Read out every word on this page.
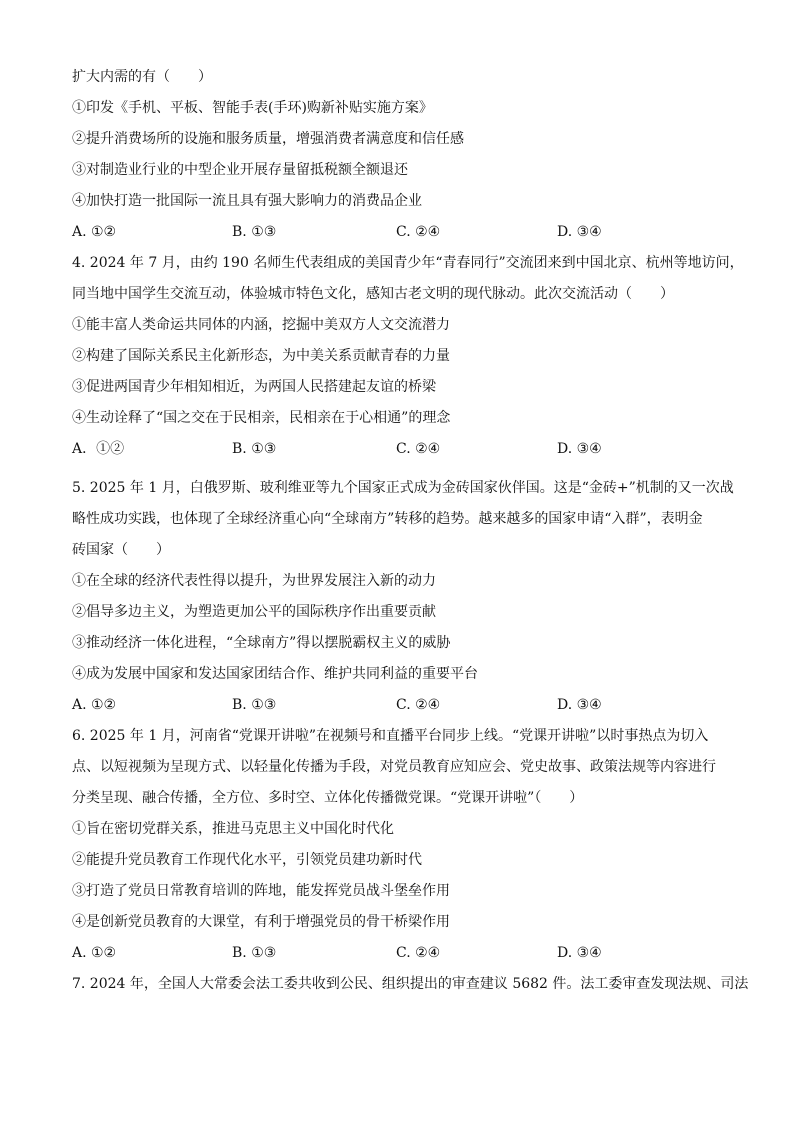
扩大内需的有（　　）

①印发《手机、平板、智能手表(手环)购新补贴实施方案》

②提升消费场所的设施和服务质量，增强消费者满意度和信任感

③对制造业行业的中型企业开展存量留抵税额全额退还

④加快打造一批国际一流且具有强大影响力的消费品企业

A. ①②	B. ①③	C. ②④	D. ③④

4. 2024 年 7 月，由约 190 名师生代表组成的美国青少年“青春同行”交流团来到中国北京、杭州等地访问，

同当地中国学生交流互动，体验城市特色文化，感知古老文明的现代脉动。此次交流活动（　　）

①能丰富人类命运共同体的内涵，挖掘中美双方人文交流潜力

②构建了国际关系民主化新形态，为中美关系贡献青春的力量

③促进两国青少年相知相近，为两国人民搭建起友谊的桥梁

④生动诠释了“国之交在于民相亲，民相亲在于心相通”的理念

A．①②	B. ①③	C. ②④	D. ③④

5. 2025 年 1 月，白俄罗斯、玻利维亚等九个国家正式成为金砖国家伙伴国。这是“金砖+”机制的又一次战

略性成功实践，也体现了全球经济重心向“全球南方”转移的趋势。越来越多的国家申请“入群”，表明金

砖国家（　　）

①在全球的经济代表性得以提升，为世界发展注入新的动力

②倡导多边主义，为塑造更加公平的国际秩序作出重要贡献

③推动经济一体化进程，“全球南方”得以摆脱霸权主义的威胁

④成为发展中国家和发达国家团结合作、维护共同利益的重要平台

A. ①②	B. ①③	C. ②④	D. ③④

6. 2025 年 1 月，河南省“党课开讲啦”在视频号和直播平台同步上线。“党课开讲啦”以时事热点为切入

点、以短视频为呈现方式、以轻量化传播为手段，对党员教育应知应会、党史故事、政策法规等内容进行

分类呈现、融合传播，全方位、多时空、立体化传播微党课。“党课开讲啦”（　　）

①旨在密切党群关系，推进马克思主义中国化时代化

②能提升党员教育工作现代化水平，引领党员建功新时代

③打造了党员日常教育培训的阵地，能发挥党员战斗堡垒作用

④是创新党员教育的大课堂，有利于增强党员的骨干桥梁作用

A. ①②	B. ①③	C. ②④	D. ③④

7. 2024 年，全国人大常委会法工委共收到公民、组织提出的审查建议 5682 件。法工委审查发现法规、司法
